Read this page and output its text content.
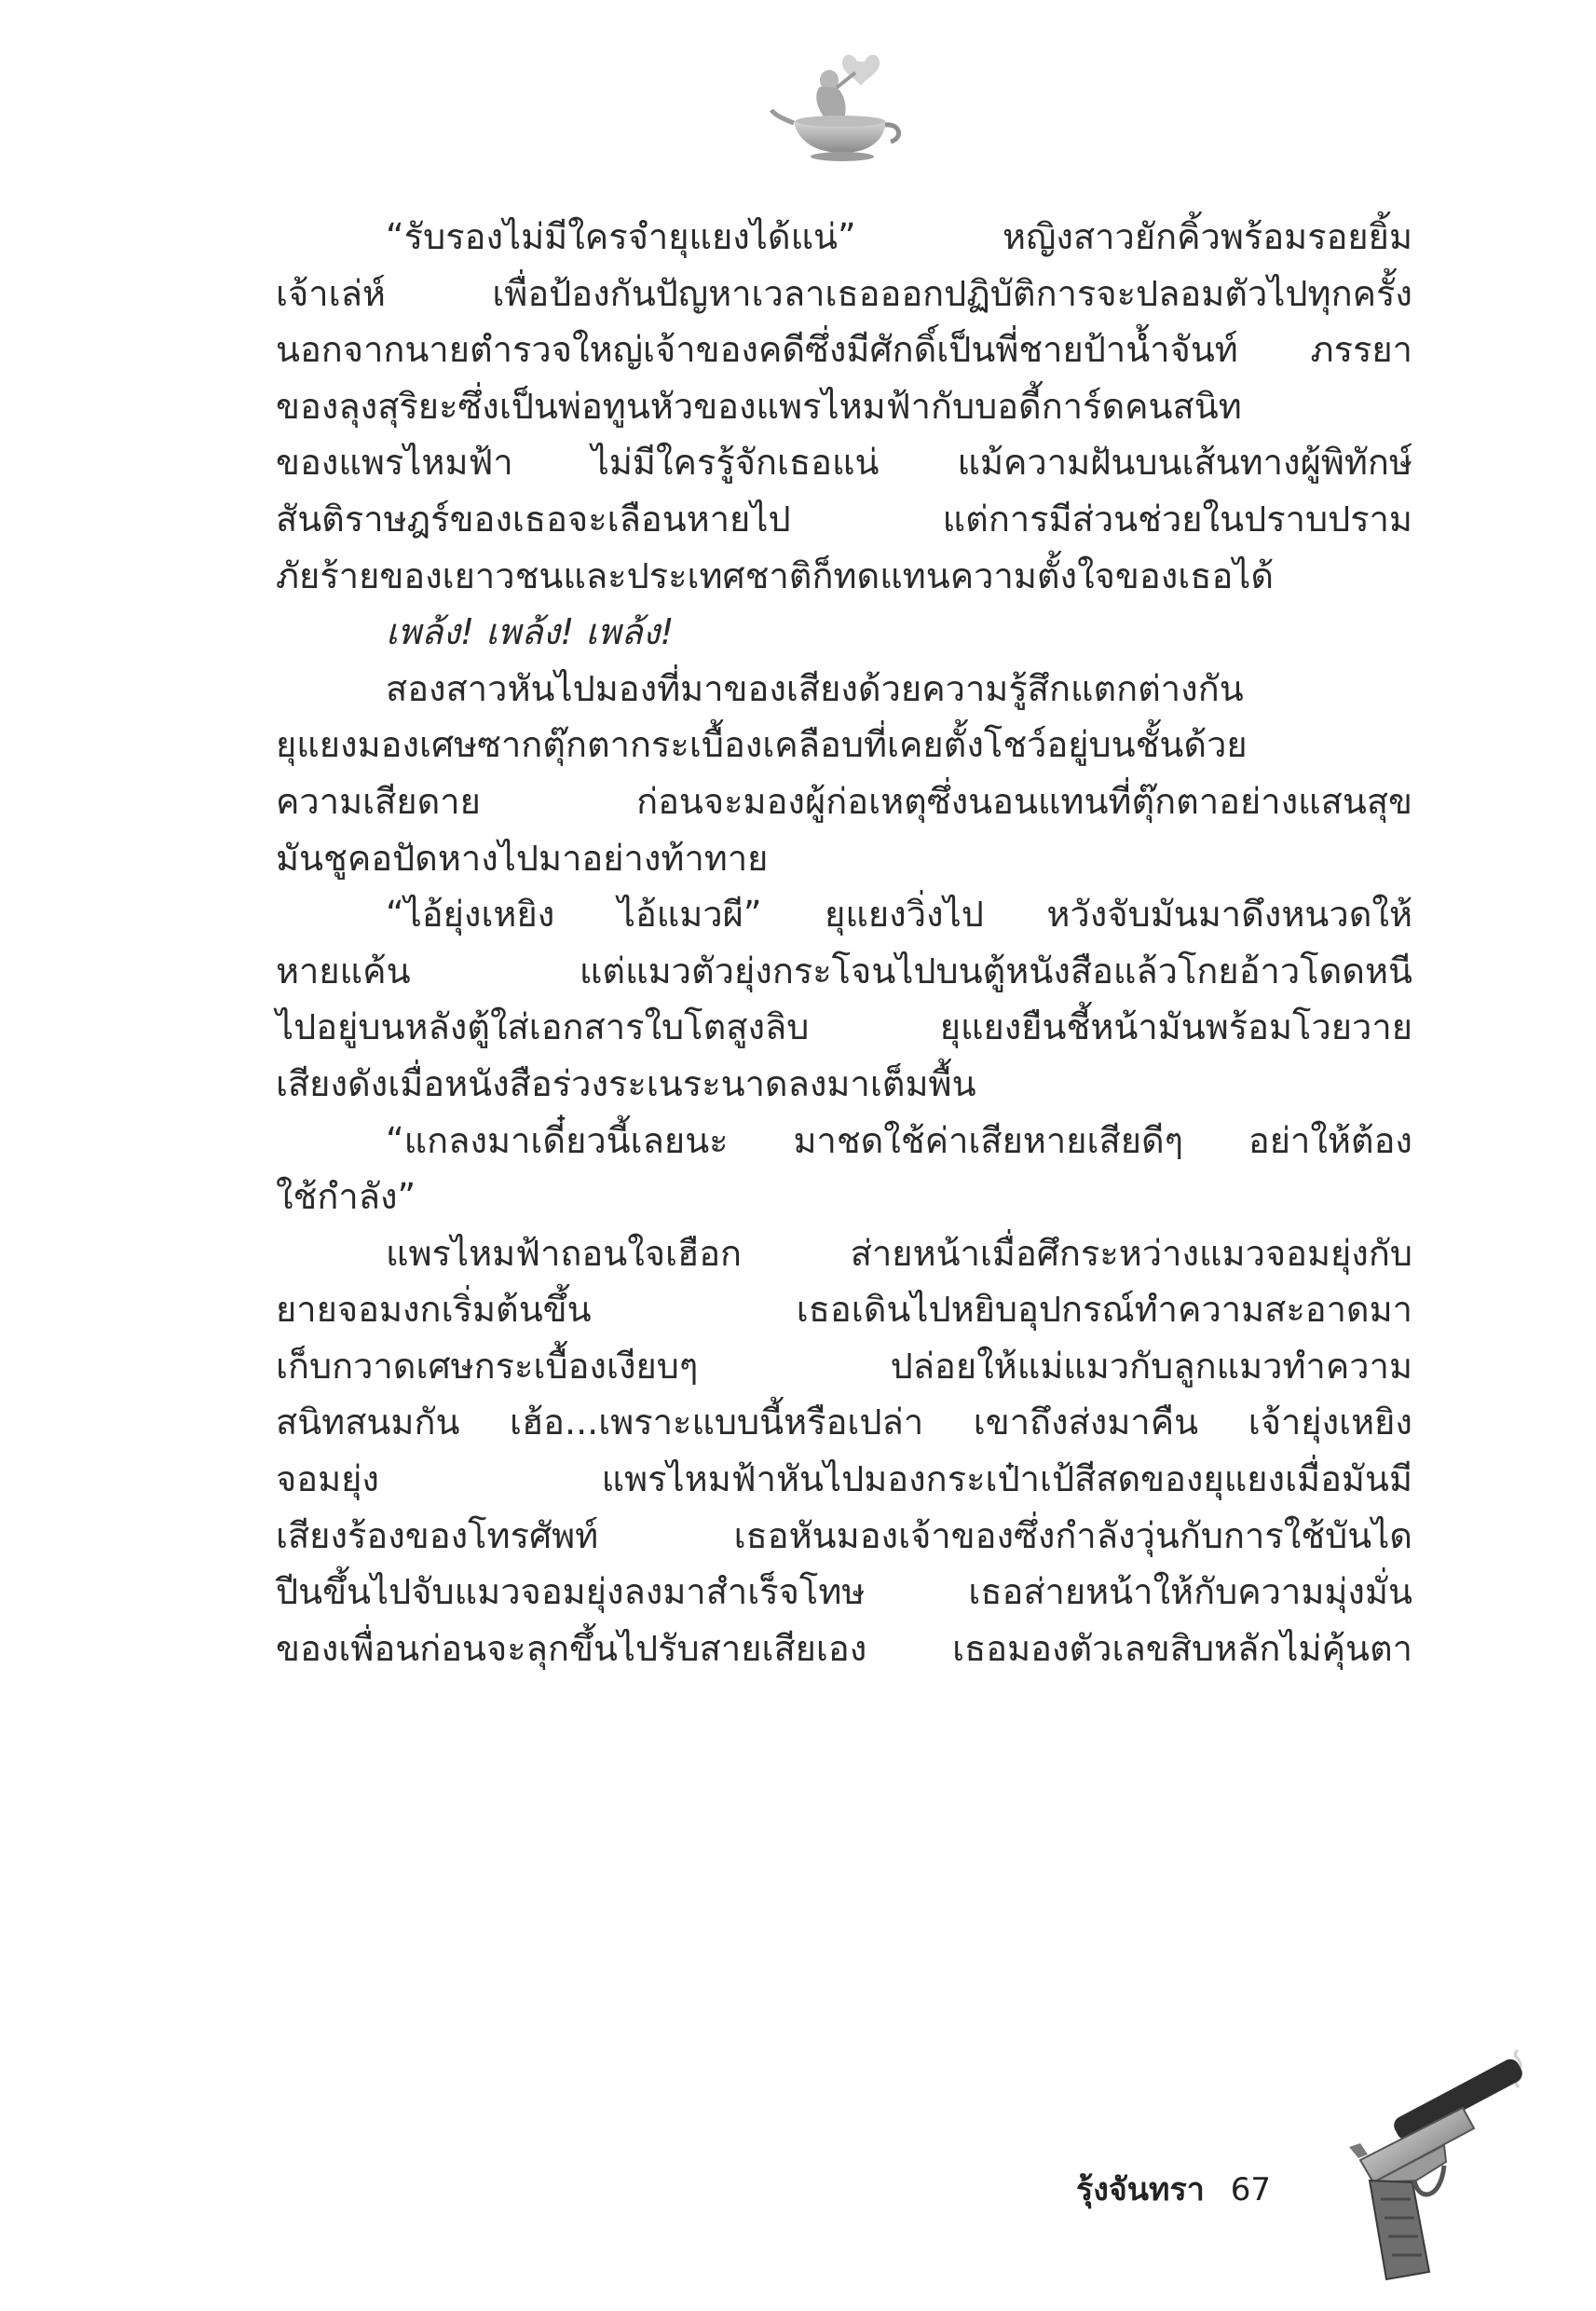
“รับรองไม่มีใครจำยุแยงได้แน่” หญิงสาวยักคิ้วพร้อมรอยยิ้ม

เจ้าเล่ห์ เพื่อป้องกันปัญหาเวลาเธอออกปฏิบัติการจะปลอมตัวไปทุกครั้ง

นอกจากนายตำรวจใหญ่เจ้าของคดีซึ่งมีศักดิ์เป็นพี่ชายป้าน้ำจันท์ ภรรยา

ของลุงสุริยะซึ่งเป็นพ่อทูนหัวของแพรไหมฟ้ากับบอดี้การ์ดคนสนิท

ของแพรไหมฟ้า ไม่มีใครรู้จักเธอแน่ แม้ความฝันบนเส้นทางผู้พิทักษ์

สันติราษฎร์ของเธอจะเลือนหายไป แต่การมีส่วนช่วยในปราบปราม

ภัยร้ายของเยาวชนและประเทศชาติก็ทดแทนความตั้งใจของเธอได้

เพล้ง! เพล้ง! เพล้ง!

สองสาวหันไปมองที่มาของเสียงด้วยความรู้สึกแตกต่างกัน

ยุแยงมองเศษซากตุ๊กตากระเบื้องเคลือบที่เคยตั้งโชว์อยู่บนชั้นด้วย

ความเสียดาย ก่อนจะมองผู้ก่อเหตุซึ่งนอนแทนที่ตุ๊กตาอย่างแสนสุข

มันชูคอปัดหางไปมาอย่างท้าทาย

“ไอ้ยุ่งเหยิง ไอ้แมวผี” ยุแยงวิ่งไป หวังจับมันมาดึงหนวดให้

หายแค้น แต่แมวตัวยุ่งกระโจนไปบนตู้หนังสือแล้วโกยอ้าวโดดหนี

ไปอยู่บนหลังตู้ใส่เอกสารใบโตสูงลิบ ยุแยงยืนชี้หน้ามันพร้อมโวยวาย

เสียงดังเมื่อหนังสือร่วงระเนระนาดลงมาเต็มพื้น

“แกลงมาเดี๋ยวนี้เลยนะ มาชดใช้ค่าเสียหายเสียดีๆ อย่าให้ต้อง

ใช้กำลัง”

แพรไหมฟ้าถอนใจเฮือก ส่ายหน้าเมื่อศึกระหว่างแมวจอมยุ่งกับ

ยายจอมงกเริ่มต้นขึ้น เธอเดินไปหยิบอุปกรณ์ทำความสะอาดมา

เก็บกวาดเศษกระเบื้องเงียบๆ ปล่อยให้แม่แมวกับลูกแมวทำความ

สนิทสนมกัน เฮ้อ...เพราะแบบนี้หรือเปล่า เขาถึงส่งมาคืน เจ้ายุ่งเหยิง

จอมยุ่ง แพรไหมฟ้าหันไปมองกระเป๋าเป้สีสดของยุแยงเมื่อมันมี

เสียงร้องของโทรศัพท์ เธอหันมองเจ้าของซึ่งกำลังวุ่นกับการใช้บันได

ปีนขึ้นไปจับแมวจอมยุ่งลงมาสำเร็จโทษ เธอส่ายหน้าให้กับความมุ่งมั่น

ของเพื่อนก่อนจะลุกขึ้นไปรับสายเสียเอง เธอมองตัวเลขสิบหลักไม่คุ้นตา

รุ้งจันทรา 67
